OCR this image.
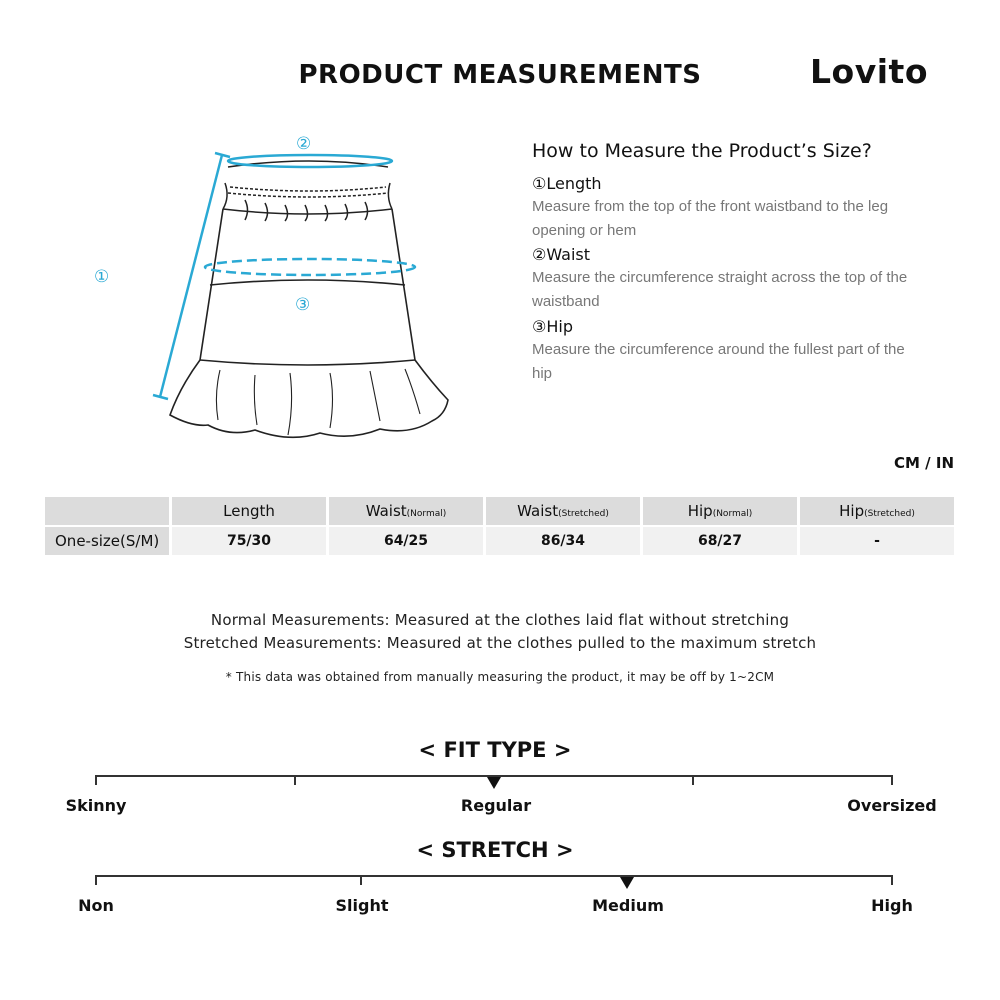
PRODUCT MEASUREMENTS	Lovito
②
①
③
How to Measure the Product’s Size?
①Length
Measure from the top of the front waistband to the leg opening or hem
②Waist
Measure the circumference straight across the top of the waistband
③Hip
Measure the circumference around the fullest part of the hip
CM / IN
	Length	Waist(Normal)	Waist(Stretched)	Hip(Normal)	Hip(Stretched)
One-size(S/M)	75/30	64/25	86/34	68/27	-
Normal Measurements: Measured at the clothes laid flat without stretching
Stretched Measurements: Measured at the clothes pulled to the maximum stretch
* This data was obtained from manually measuring the product, it may be off by 1~2CM
< FIT TYPE >
Skinny	Regular	Oversized
< STRETCH >
Non	Slight	Medium	High
